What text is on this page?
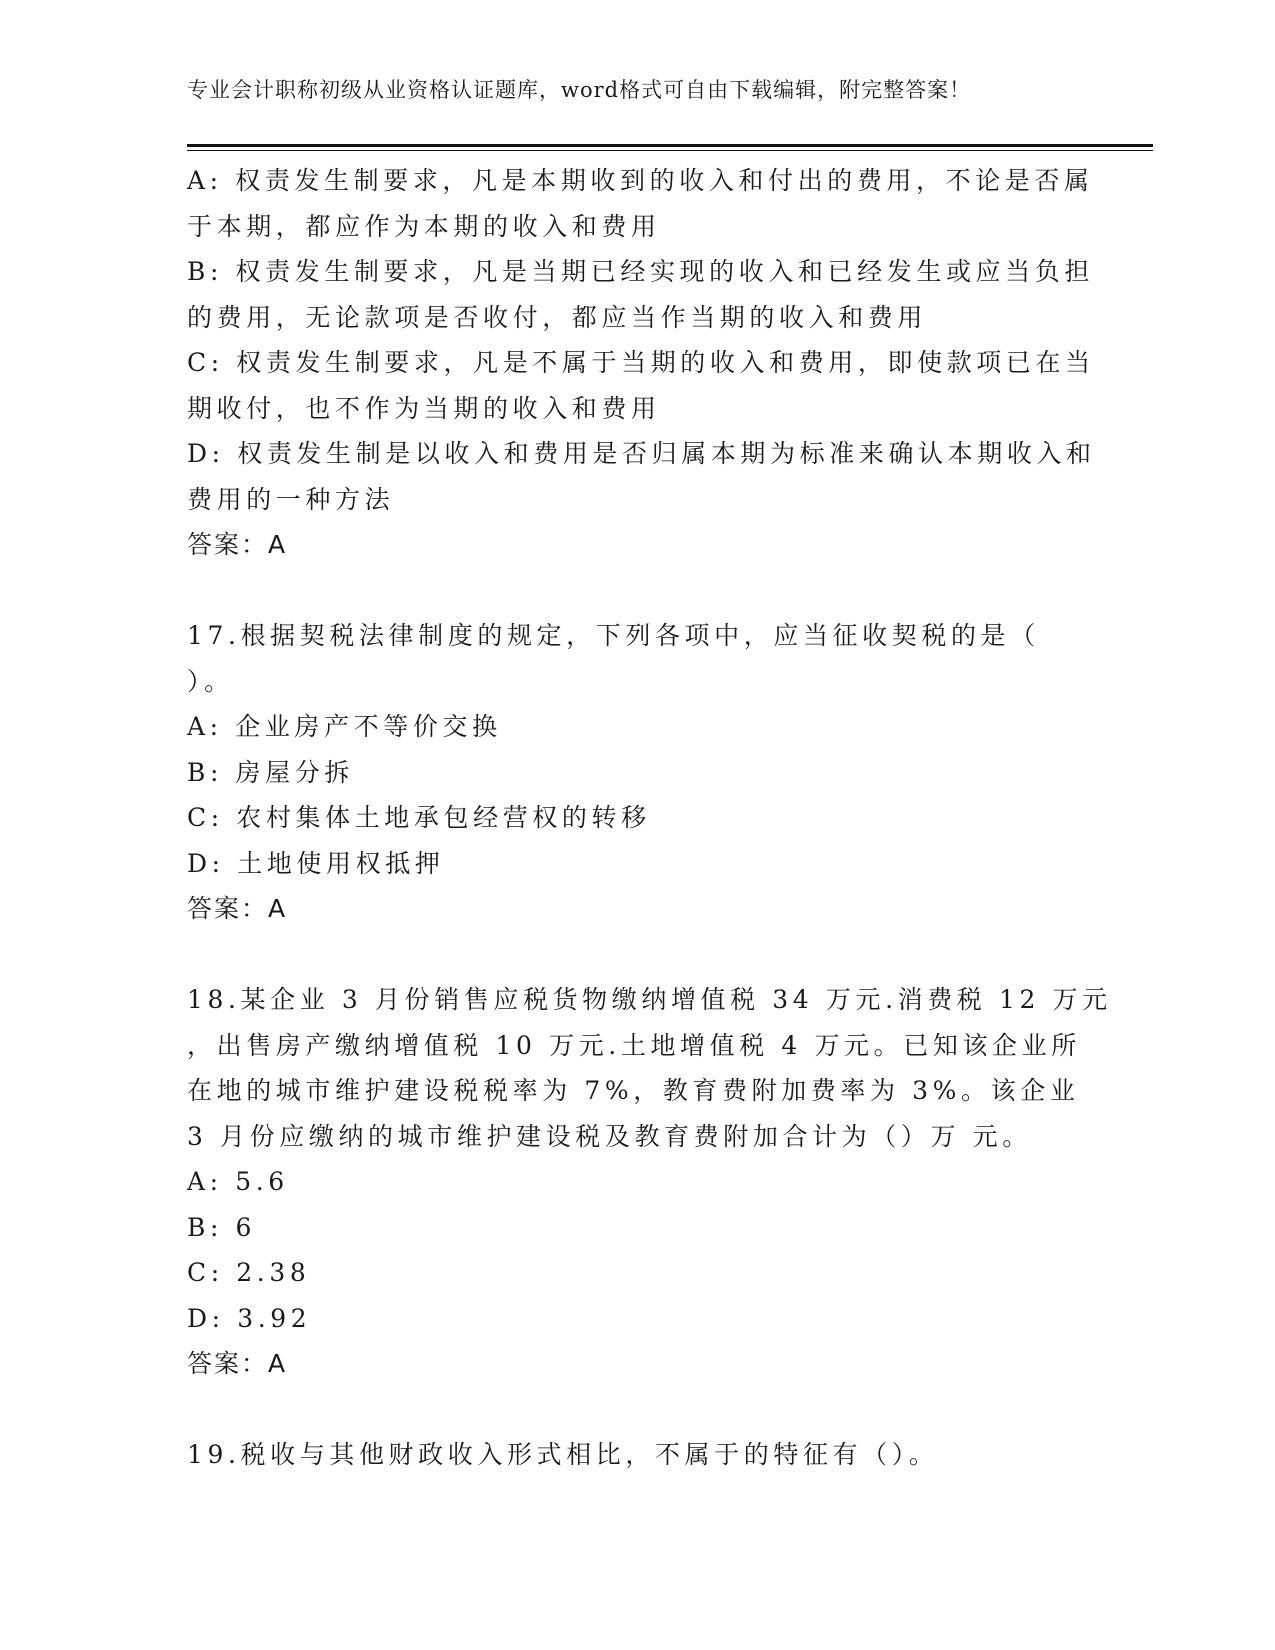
专业会计职称初级从业资格认证题库，word格式可自由下载编辑，附完整答案！
A: 权责发生制要求，凡是本期收到的收入和付出的费用，不论是否属
于本期，都应作为本期的收入和费用
B: 权责发生制要求，凡是当期已经实现的收入和已经发生或应当负担
的费用，无论款项是否收付，都应当作当期的收入和费用
C: 权责发生制要求，凡是不属于当期的收入和费用，即使款项已在当
期收付，也不作为当期的收入和费用
D: 权责发生制是以收入和费用是否归属本期为标准来确认本期收入和
费用的一种方法
答案：A
17.根据契税法律制度的规定，下列各项中，应当征收契税的是（
）。
A: 企业房产不等价交换
B: 房屋分拆
C: 农村集体土地承包经营权的转移
D: 土地使用权抵押
答案：A
18.某企业 3 月份销售应税货物缴纳增值税 34 万元.消费税 12 万元
，出售房产缴纳增值税 10 万元.土地增值税 4 万元。已知该企业所
在地的城市维护建设税税率为 7%，教育费附加费率为 3%。该企业
3 月份应缴纳的城市维护建设税及教育费附加合计为（）万 元。
A: 5.6
B: 6
C: 2.38
D: 3.92
答案：A
19.税收与其他财政收入形式相比，不属于的特征有（）。
